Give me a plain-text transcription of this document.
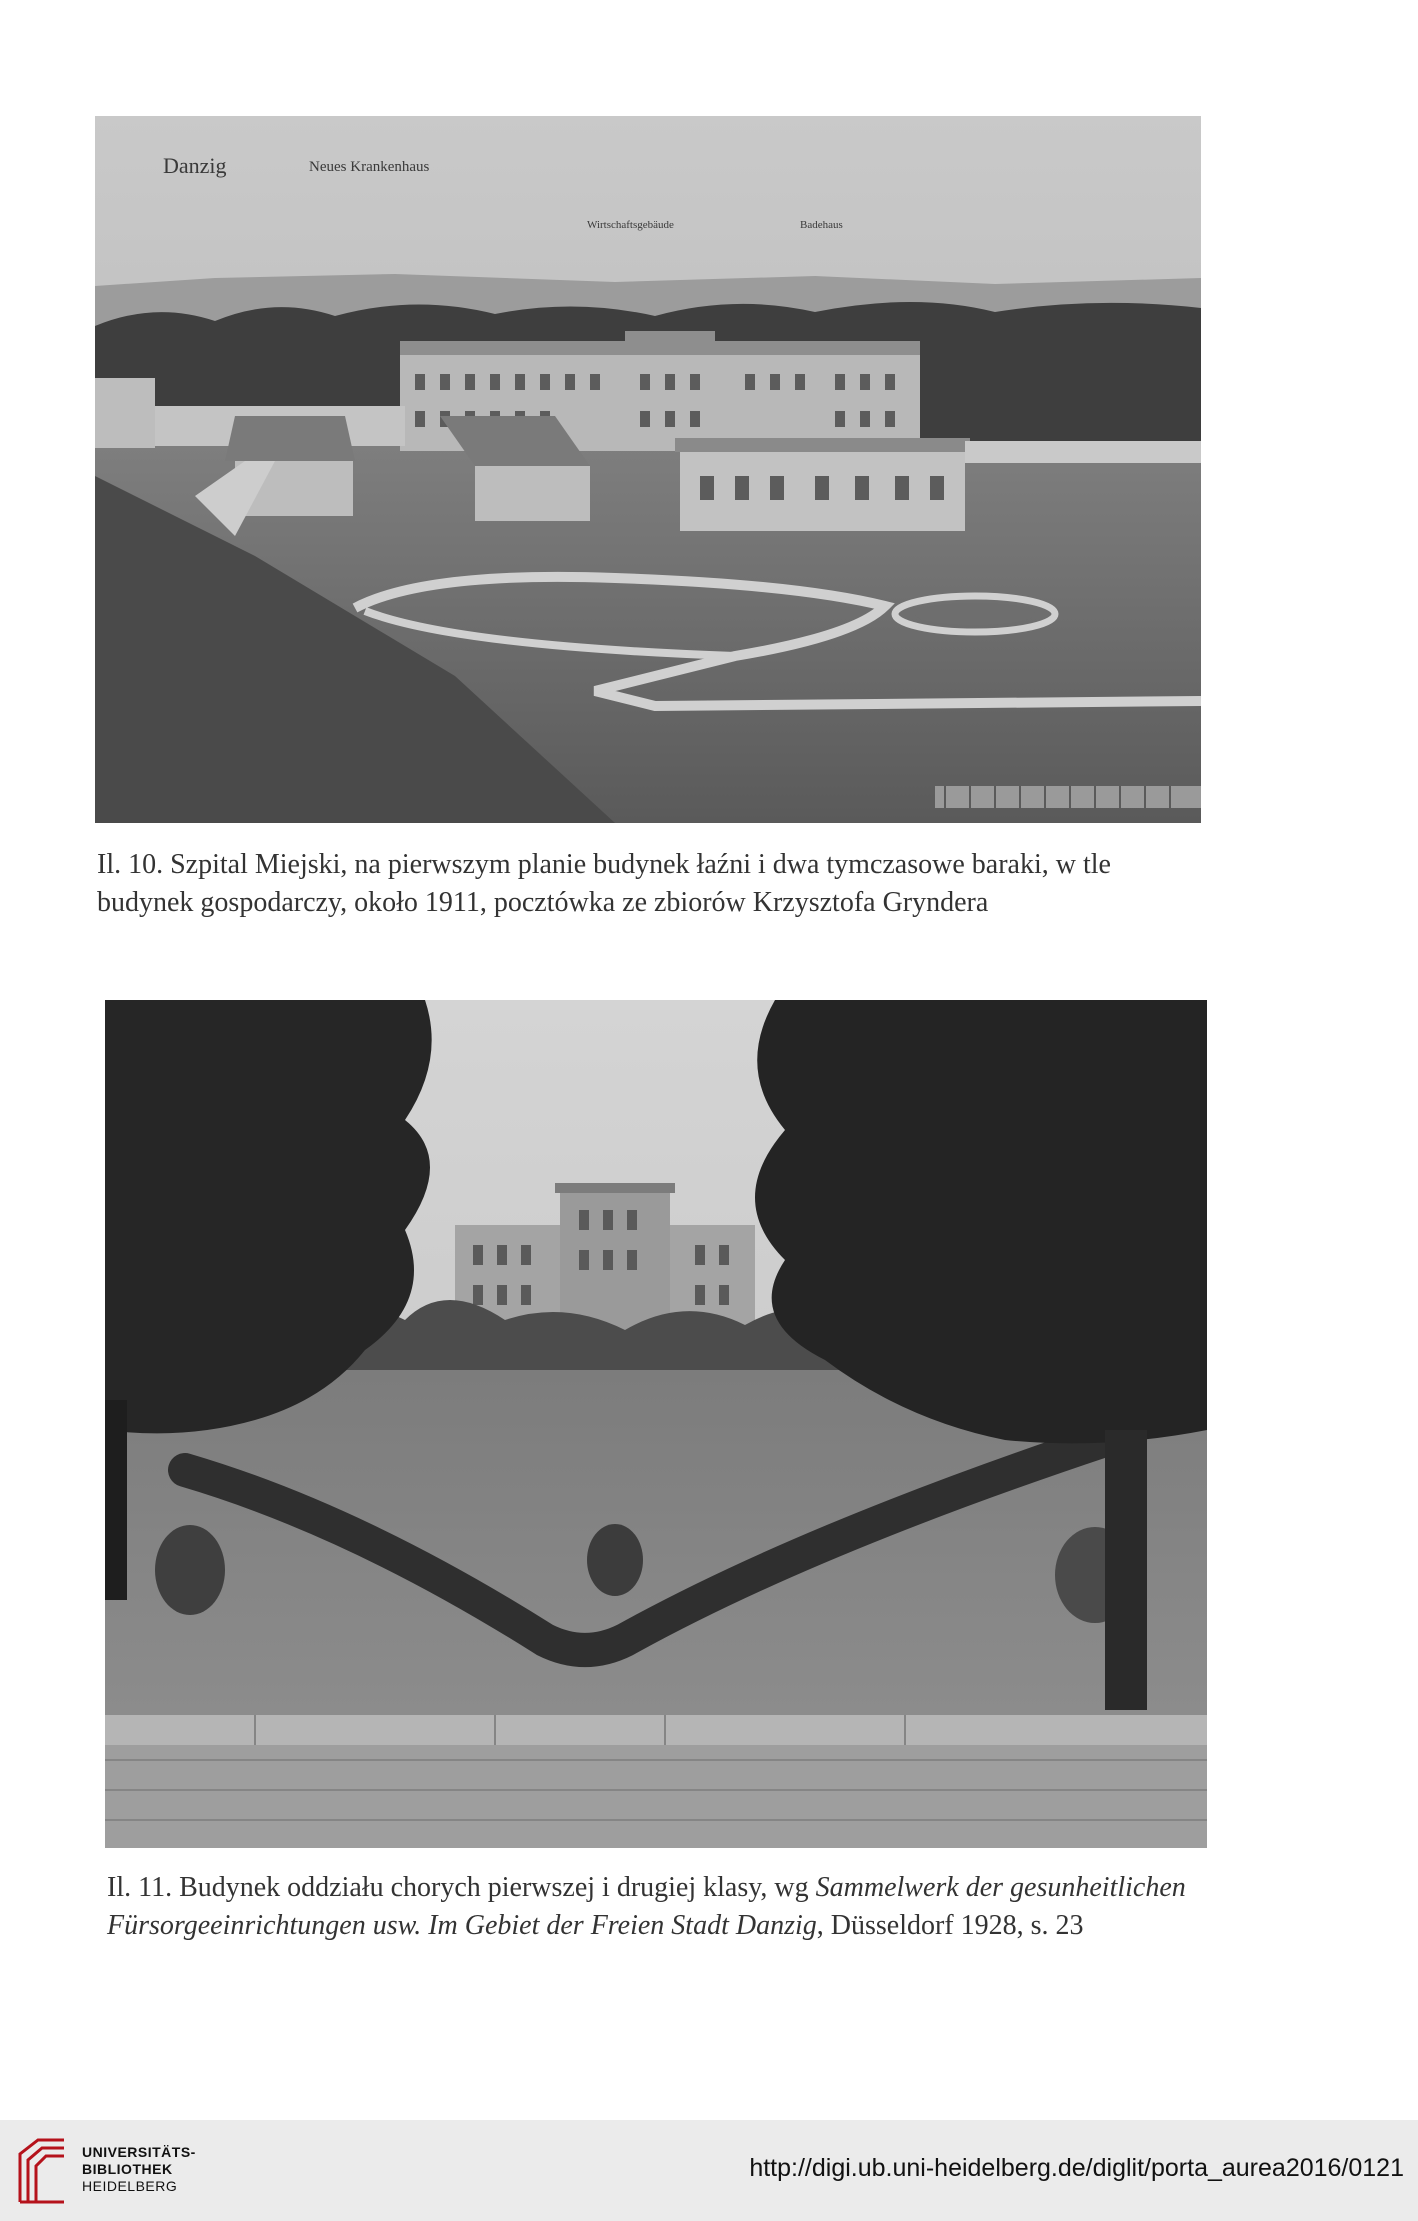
Danzig	Neues Krankenhaus
Wirtschaftsgebäude	Badehaus
Il. 10. Szpital Miejski, na pierwszym planie budynek łaźni i dwa tymczasowe baraki, w tle budynek gospodarczy, około 1911, pocztówka ze zbiorów Krzysztofa Gryndera
Il. 11. Budynek oddziału chorych pierwszej i drugiej klasy, wg Sammelwerk der gesunheitlichen Fürsorgeeinrichtungen usw. Im Gebiet der Freien Stadt Danzig, Düsseldorf 1928, s. 23
UNIVERSITÄTS-
BIBLIOTHEK
HEIDELBERG
http://digi.ub.uni-heidelberg.de/diglit/porta_aurea2016/0121
